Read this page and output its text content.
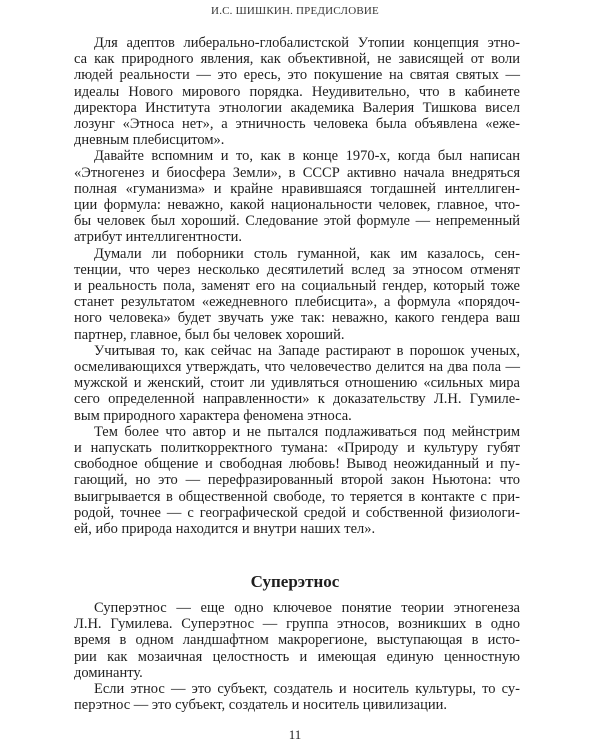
И.С. ШИШКИН. ПРЕДИСЛОВИЕ
Для адептов либерально-глобалистской Утопии концепция этно-
са как природного явления, как объективной, не зависящей от воли
людей реальности — это ересь, это покушение на святая святых —
идеалы Нового мирового порядка. Неудивительно, что в кабинете
директора Института этнологии академика Валерия Тишкова висел
лозунг «Этноса нет», а этничность человека была объявлена «еже-
дневным плебисцитом».
Давайте вспомним и то, как в конце 1970-х, когда был написан
«Этногенез и биосфера Земли», в СССР активно начала внедряться
полная «гуманизма» и крайне нравившаяся тогдашней интеллиген-
ции формула: неважно, какой национальности человек, главное, что-
бы человек был хороший. Следование этой формуле — непременный
атрибут интеллигентности.
Думали ли поборники столь гуманной, как им казалось, сен-
тенции, что через несколько десятилетий вслед за этносом отменят
и реальность пола, заменят его на социальный гендер, который тоже
станет результатом «ежедневного плебисцита», а формула «порядоч-
ного человека» будет звучать уже так: неважно, какого гендера ваш
партнер, главное, был бы человек хороший.
Учитывая то, как сейчас на Западе растирают в порошок ученых,
осмеливающихся утверждать, что человечество делится на два пола —
мужской и женский, стоит ли удивляться отношению «сильных мира
сего определенной направленности» к доказательству Л.Н. Гумиле-
вым природного характера феномена этноса.
Тем более что автор и не пытался подлаживаться под мейнстрим
и напускать политкорректного тумана: «Природу и культуру губят
свободное общение и свободная любовь! Вывод неожиданный и пу-
гающий, но это — перефразированный второй закон Ньютона: что
выигрывается в общественной свободе, то теряется в контакте с при-
родой, точнее — с географической средой и собственной физиологи-
ей, ибо природа находится и внутри наших тел».
Суперэтнос
Суперэтнос — еще одно ключевое понятие теории этногенеза
Л.Н. Гумилева. Суперэтнос — группа этносов, возникших в одно
время в одном ландшафтном макрорегионе, выступающая в исто-
рии как мозаичная целостность и имеющая единую ценностную
доминанту.
Если этнос — это субъект, создатель и носитель культуры, то су-
перэтнос — это субъект, создатель и носитель цивилизации.
11
